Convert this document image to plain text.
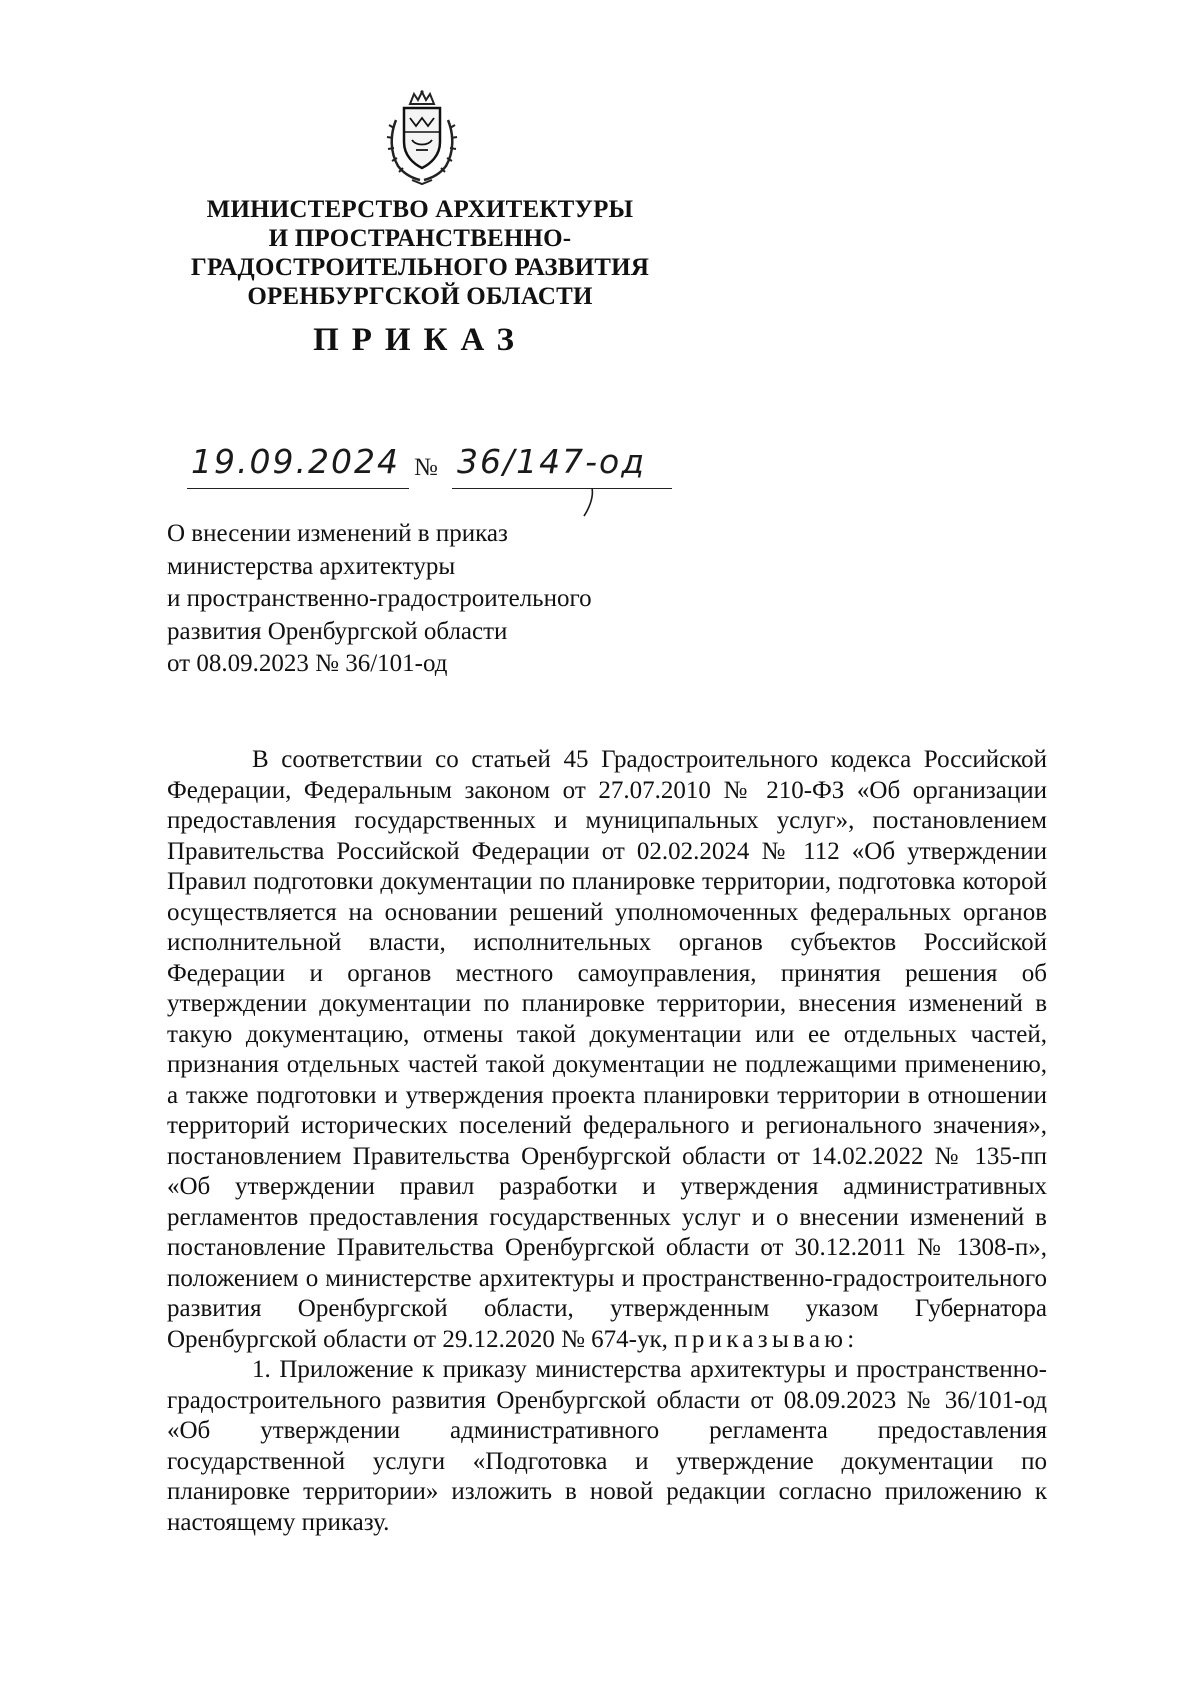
МИНИСТЕРСТВО АРХИТЕКТУРЫ
И ПРОСТРАНСТВЕННО-
ГРАДОСТРОИТЕЛЬНОГО РАЗВИТИЯ
ОРЕНБУРГСКОЙ ОБЛАСТИ
ПРИКАЗ
19.09.2024 № 36/147-од
О внесении изменений в приказ
министерства архитектуры
и пространственно-градостроительного
развития Оренбургской области
от 08.09.2023 № 36/101-од

В соответствии со статьей 45 Градостроительного кодекса Российской Федерации, Федеральным законом от 27.07.2010 № 210-ФЗ «Об организации предоставления государственных и муниципальных услуг», постановлением Правительства Российской Федерации от 02.02.2024 № 112 «Об утверждении Правил подготовки документации по планировке территории, подготовка которой осуществляется на основании решений уполномоченных федеральных органов исполнительной власти, исполнительных органов субъектов Российской Федерации и органов местного самоуправления, принятия решения об утверждении документации по планировке территории, внесения изменений в такую документацию, отмены такой документации или ее отдельных частей, признания отдельных частей такой документации не подлежащими применению, а также подготовки и утверждения проекта планировки территории в отношении территорий исторических поселений федерального и регионального значения», постановлением Правительства Оренбургской области от 14.02.2022 № 135-пп «Об утверждении правил разработки и утверждения административных регламентов предоставления государственных услуг и о внесении изменений в постановление Правительства Оренбургской области от 30.12.2011 № 1308-п», положением о министерстве архитектуры и пространственно-градостроительного развития Оренбургской области, утвержденным указом Губернатора Оренбургской области от 29.12.2020 № 674-ук, приказываю:

1. Приложение к приказу министерства архитектуры и пространственно-градостроительного развития Оренбургской области от 08.09.2023 № 36/101-од «Об утверждении административного регламента предоставления государственной услуги «Подготовка и утверждение документации по планировке территории» изложить в новой редакции согласно приложению к настоящему приказу.
